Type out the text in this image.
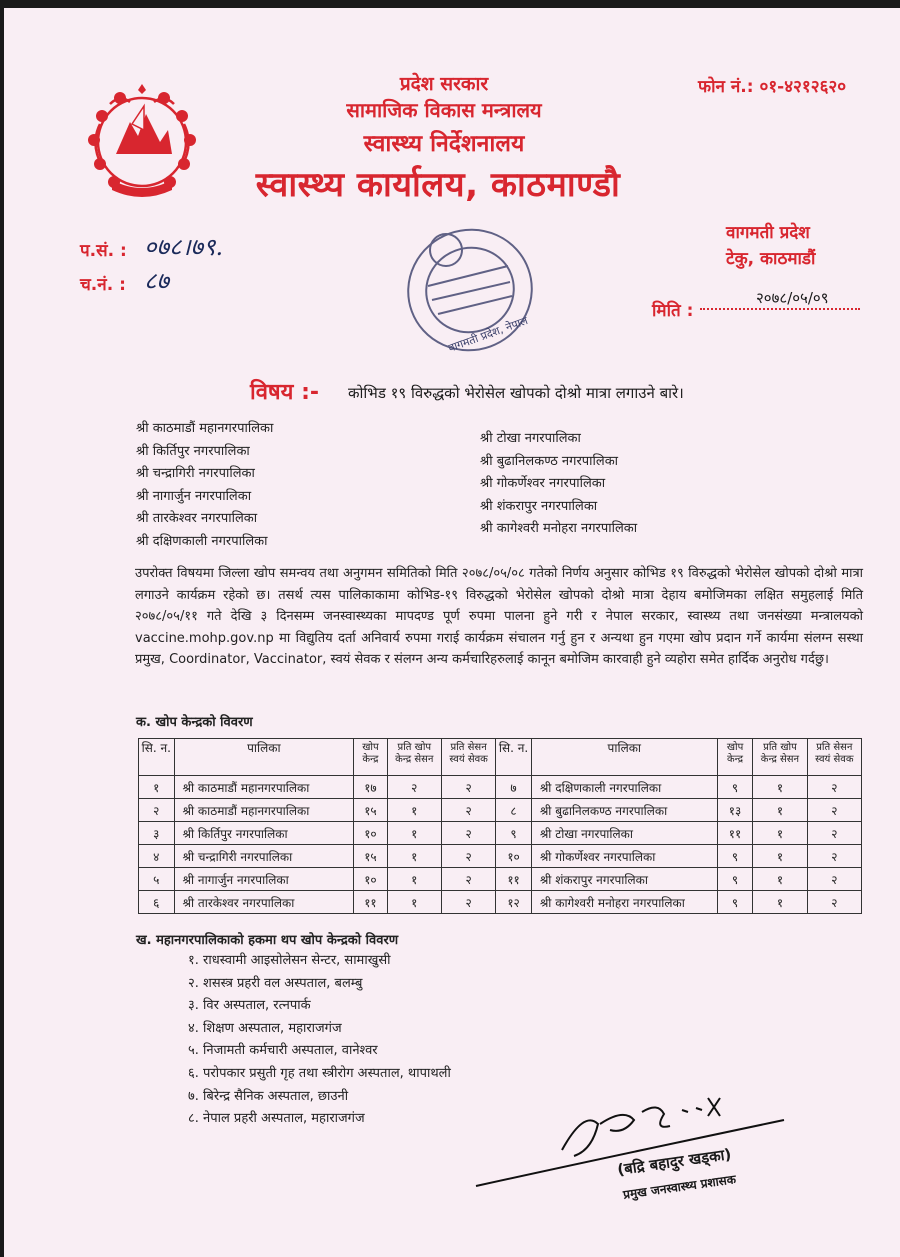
प्रदेश सरकार
सामाजिक विकास मन्त्रालय
स्वास्थ्य निर्देशनालय
स्वास्थ्य कार्यालय, काठमाण्डौ
फोन नं.: ०१-४२१२६२०
वागमती प्रदेश
टेकु, काठमाडौं
प.सं. : ०७८।७९.
च.नं. : ८७
वागमती प्रदेश, नेपाल
मिति :
२०७८/०५/०९
विषय :- कोभिड १९ विरुद्धको भेरोसेल खोपको दोश्रो मात्रा लगाउने बारे।
श्री काठमाडौं महानगरपालिका
श्री किर्तिपुर नगरपालिका
श्री चन्द्रागिरी नगरपालिका
श्री नागार्जुन नगरपालिका
श्री तारकेश्वर नगरपालिका
श्री दक्षिणकाली नगरपालिका
श्री टोखा नगरपालिका
श्री बुढानिलकण्ठ नगरपालिका
श्री गोकर्णेश्वर नगरपालिका
श्री शंकरापुर नगरपालिका
श्री कागेश्वरी मनोहरा नगरपालिका
उपरोक्त विषयमा जिल्ला खोप समन्वय तथा अनुगमन समितिको मिति २०७८/०५/०८ गतेको निर्णय अनुसार कोभिड १९ विरुद्धको भेरोसेल खोपको दोश्रो मात्रा लगाउने कार्यक्रम रहेको छ। तसर्थ त्यस पालिकाकामा कोभिड-१९ विरुद्धको भेरोसेल खोपको दोश्रो मात्रा देहाय बमोजिमका लक्षित समुहलाई मिति २०७८/०५/११ गते देखि ३ दिनसम्म जनस्वास्थ्यका मापदण्ड पूर्ण रुपमा पालना हुने गरी र नेपाल सरकार, स्वास्थ्य तथा जनसंख्या मन्त्रालयको vaccine.mohp.gov.np मा विद्युतिय दर्ता अनिवार्य रुपमा गराई कार्यक्रम संचालन गर्नु हुन र अन्यथा हुन गएमा खोप प्रदान गर्ने कार्यमा संलग्न सस्था प्रमुख, Coordinator, Vaccinator, स्वयं सेवक र संलग्न अन्य कर्मचारिहरुलाई कानून बमोजिम कारवाही हुने व्यहोरा समेत हार्दिक अनुरोध गर्दछु।
क. खोप केन्द्रको विवरण
सि. न.	पालिका	खोप केन्द्र	प्रति खोप केन्द्र सेसन	प्रति सेसन स्वयं सेवक	सि. न.	पालिका	खोप केन्द्र	प्रति खोप केन्द्र सेसन	प्रति सेसन स्वयं सेवक
१	श्री काठमाडौं महानगरपालिका	१७	२	२	७	श्री दक्षिणकाली नगरपालिका	९	१	२
२	श्री काठमाडौं महानगरपालिका	१५	१	२	८	श्री बुढानिलकण्ठ नगरपालिका	१३	१	२
३	श्री किर्तिपुर नगरपालिका	१०	१	२	९	श्री टोखा नगरपालिका	११	१	२
४	श्री चन्द्रागिरी नगरपालिका	१५	१	२	१०	श्री गोकर्णेश्वर नगरपालिका	९	१	२
५	श्री नागार्जुन नगरपालिका	१०	१	२	११	श्री शंकरापुर नगरपालिका	९	१	२
६	श्री तारकेश्वर नगरपालिका	११	१	२	१२	श्री कागेश्वरी मनोहरा नगरपालिका	९	१	२
ख. महानगरपालिकाको हकमा थप खोप केन्द्रको विवरण
१. राधस्वामी आइसोलेसन सेन्टर, सामाखुसी
२. शसस्त्र प्रहरी वल अस्पताल, बलम्बु
३. विर अस्पताल, रत्नपार्क
४. शिक्षण अस्पताल, महाराजगंज
५. निजामती कर्मचारी अस्पताल, वानेश्वर
६. परोपकार प्रसुती गृह तथा स्त्रीरोग अस्पताल, थापाथली
७. बिरेन्द्र सैनिक अस्पताल, छाउनी
८. नेपाल प्रहरी अस्पताल, महाराजगंज
(बद्रि बहादुर खड्का)
प्रमुख जनस्वास्थ्य प्रशासक
